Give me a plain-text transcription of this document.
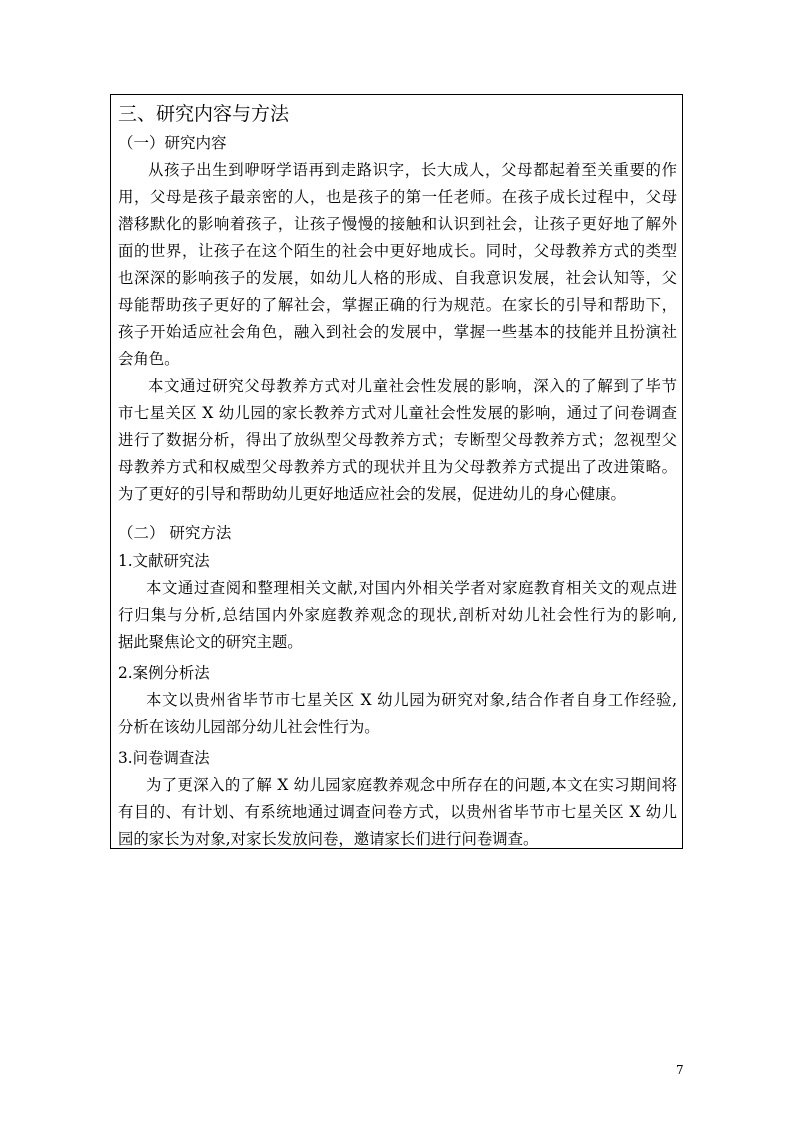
三、研究内容与方法
（一）研究内容
从孩子出生到咿呀学语再到走路识字，长大成人，父母都起着至关重要的作
用，父母是孩子最亲密的人，也是孩子的第一任老师。在孩子成长过程中，父母
潜移默化的影响着孩子，让孩子慢慢的接触和认识到社会，让孩子更好地了解外
面的世界，让孩子在这个陌生的社会中更好地成长。同时，父母教养方式的类型
也深深的影响孩子的发展，如幼儿人格的形成、自我意识发展，社会认知等，父
母能帮助孩子更好的了解社会，掌握正确的行为规范。在家长的引导和帮助下，
孩子开始适应社会角色，融入到社会的发展中，掌握一些基本的技能并且扮演社
会角色。
本文通过研究父母教养方式对儿童社会性发展的影响，深入的了解到了毕节
市七星关区 X 幼儿园的家长教养方式对儿童社会性发展的影响，通过了问卷调查
进行了数据分析，得出了放纵型父母教养方式；专断型父母教养方式；忽视型父
母教养方式和权威型父母教养方式的现状并且为父母教养方式提出了改进策略。
为了更好的引导和帮助幼儿更好地适应社会的发展，促进幼儿的身心健康。
（二） 研究方法
1.文献研究法
本文通过查阅和整理相关文献,对国内外相关学者对家庭教育相关文的观点进
行归集与分析,总结国内外家庭教养观念的现状,剖析对幼儿社会性行为的影响,
据此聚焦论文的研究主题。
2.案例分析法
本文以贵州省毕节市七星关区 X 幼儿园为研究对象,结合作者自身工作经验,
分析在该幼儿园部分幼儿社会性行为。
3.问卷调查法
为了更深入的了解 X 幼儿园家庭教养观念中所存在的问题,本文在实习期间将
有目的、有计划、有系统地通过调查问卷方式，以贵州省毕节市七星关区 X 幼儿
园的家长为对象,对家长发放问卷，邀请家长们进行问卷调查。
7
